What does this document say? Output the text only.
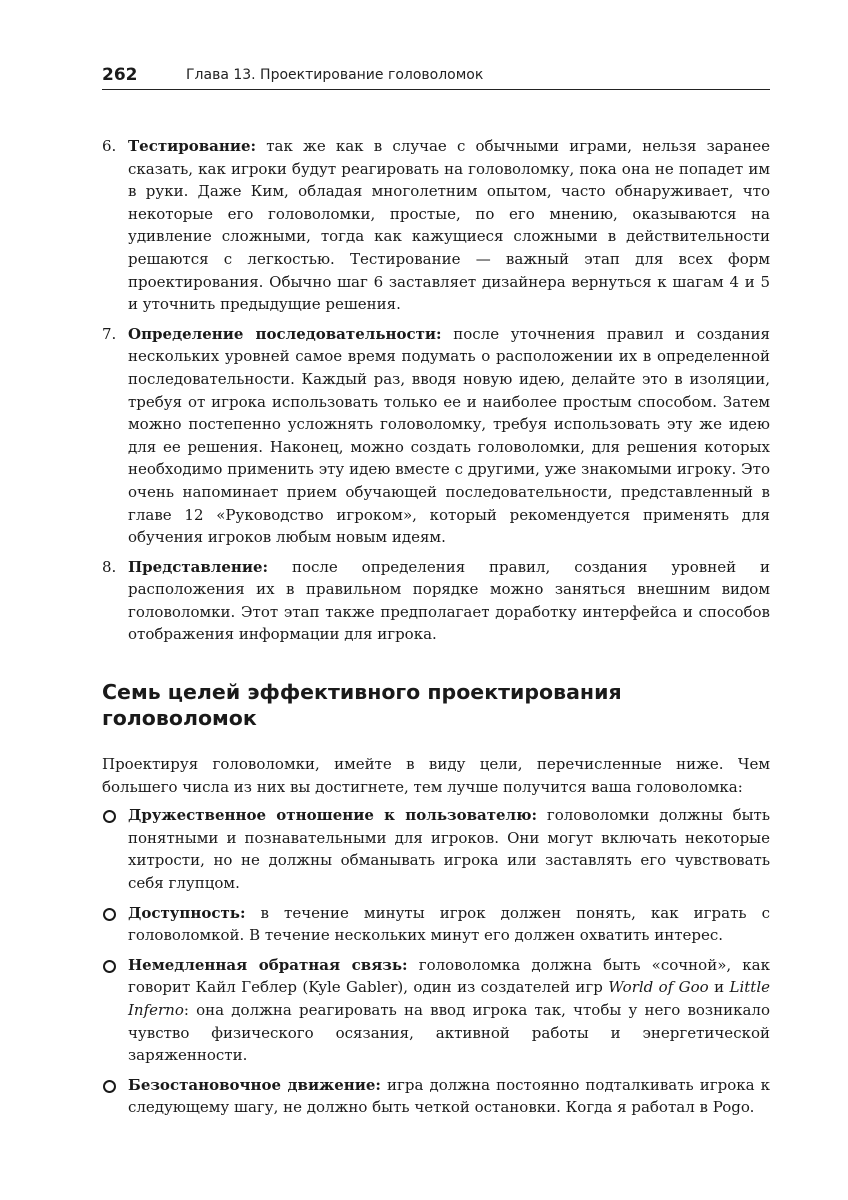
262	Глава 13. Проектирование головоломок
6. Тестирование: так же как в случае с обычными играми, нельзя заранее сказать, как игроки будут реагировать на головоломку, пока она не попадет им в руки. Даже Ким, обладая многолетним опытом, часто обнаруживает, что некоторые его головоломки, простые, по его мнению, оказываются на удивление сложными, тогда как кажущиеся сложными в действительности решаются с легкостью. Тестирование — важный этап для всех форм проектирования. Обычно шаг 6 заставляет дизайнера вернуться к шагам 4 и 5 и уточнить предыдущие решения.
7. Определение последовательности: после уточнения правил и создания нескольких уровней самое время подумать о расположении их в определенной последовательности. Каждый раз, вводя новую идею, делайте это в изоляции, требуя от игрока использовать только ее и наиболее простым способом. Затем можно постепенно усложнять головоломку, требуя использовать эту же идею для ее решения. Наконец, можно создать головоломки, для решения которых необходимо применить эту идею вместе с другими, уже знакомыми игроку. Это очень напоминает прием обучающей последовательности, представленный в главе 12 «Руководство игроком», который рекомендуется применять для обучения игроков любым новым идеям.
8. Представление: после определения правил, создания уровней и расположения их в правильном порядке можно заняться внешним видом головоломки. Этот этап также предполагает доработку интерфейса и способов отображения информации для игрока.
Семь целей эффективного проектирования головоломок

Проектируя головоломки, имейте в виду цели, перечисленные ниже. Чем большего числа из них вы достигнете, тем лучше получится ваша головоломка:

Дружественное отношение к пользователю: головоломки должны быть понятными и познавательными для игроков. Они могут включать некоторые хитрости, но не должны обманывать игрока или заставлять его чувствовать себя глупцом.
Доступность: в течение минуты игрок должен понять, как играть с головоломкой. В течение нескольких минут его должен охватить интерес.
Немедленная обратная связь: головоломка должна быть «сочной», как говорит Кайл Геблер (Kyle Gabler), один из создателей игр World of Goo и Little Inferno: она должна реагировать на ввод игрока так, чтобы у него возникало чувство физического осязания, активной работы и энергетической заряженности.
Безостановочное движение: игра должна постоянно подталкивать игрока к следующему шагу, не должно быть четкой остановки. Когда я работал в Pogo.
